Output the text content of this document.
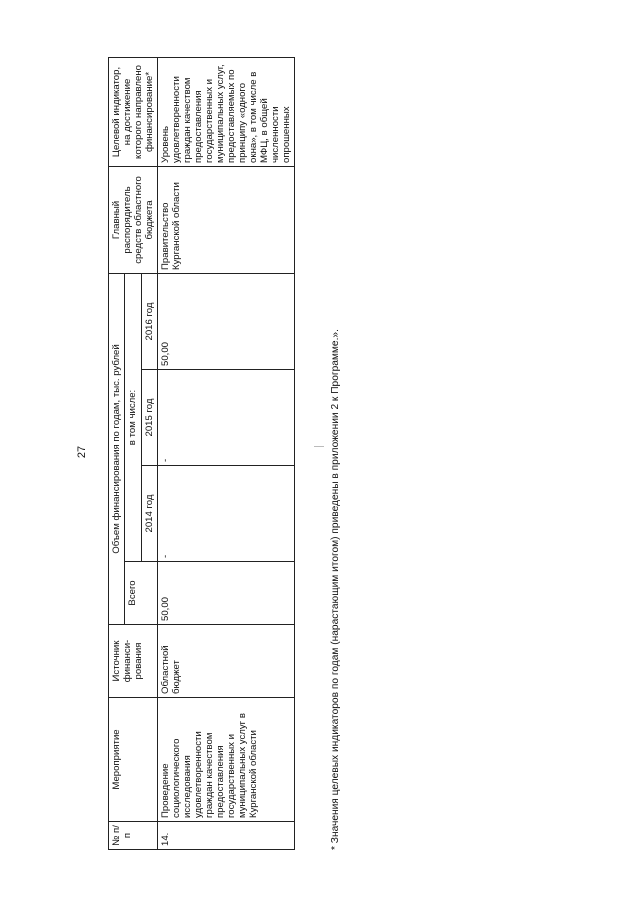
27
№ п/п	Мероприятие	Источник финанси-рования	Объем финансирования по годам, тыс. рублей				Главный распорядитель средств областного бюджета	Целевой индикатор, на достижение которого направлено финансирование*
			Всего	в том числе:				
				2014 год	2015 год	2016 год		
14.	Проведение социологического исследования удовлетворенности граждан качеством предоставления государственных и муниципальных услуг в Курганской области	Областной бюджет	50,00	-	-	50,00	Правительство Курганской области	Уровень удовлетворенности граждан качеством предоставления государственных и муниципальных услуг, предоставляемых по принципу «одного окна», в том числе в МФЦ, в общей численности опрошенных
* Значения целевых индикаторов по годам (нарастающим итогом) приведены в приложении 2 к Программе.».
